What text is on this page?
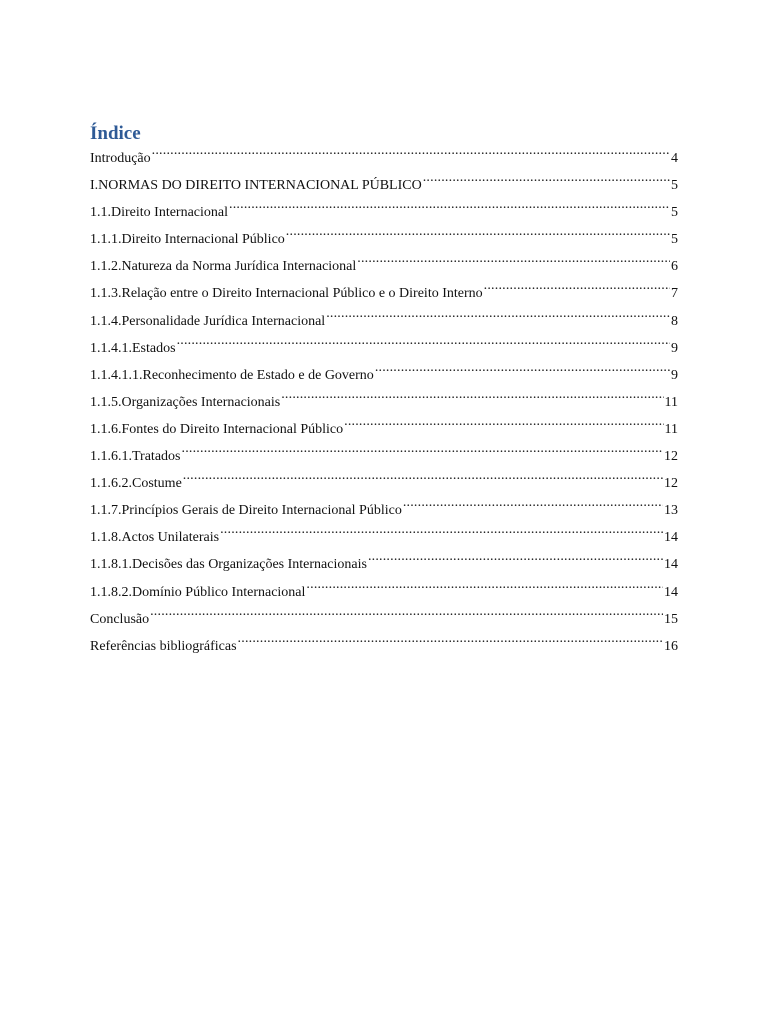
Índice
Introdução .....	4
I.NORMAS DO DIREITO INTERNACIONAL PÚBLICO .....	5
1.1.Direito Internacional .....	5
1.1.1.Direito Internacional Público .....	5
1.1.2.Natureza da Norma Jurídica Internacional .....	6
1.1.3.Relação entre o Direito Internacional Público e o Direito Interno .....	7
1.1.4.Personalidade Jurídica Internacional .....	8
1.1.4.1.Estados .....	9
1.1.4.1.1.Reconhecimento de Estado e de Governo .....	9
1.1.5.Organizações Internacionais .....	11
1.1.6.Fontes do Direito Internacional Público .....	11
1.1.6.1.Tratados .....	12
1.1.6.2.Costume .....	12
1.1.7.Princípios Gerais de Direito Internacional Público .....	13
1.1.8.Actos Unilaterais .....	14
1.1.8.1.Decisões das Organizações Internacionais .....	14
1.1.8.2.Domínio Público Internacional .....	14
Conclusão .....	15
Referências bibliográficas .....	16
